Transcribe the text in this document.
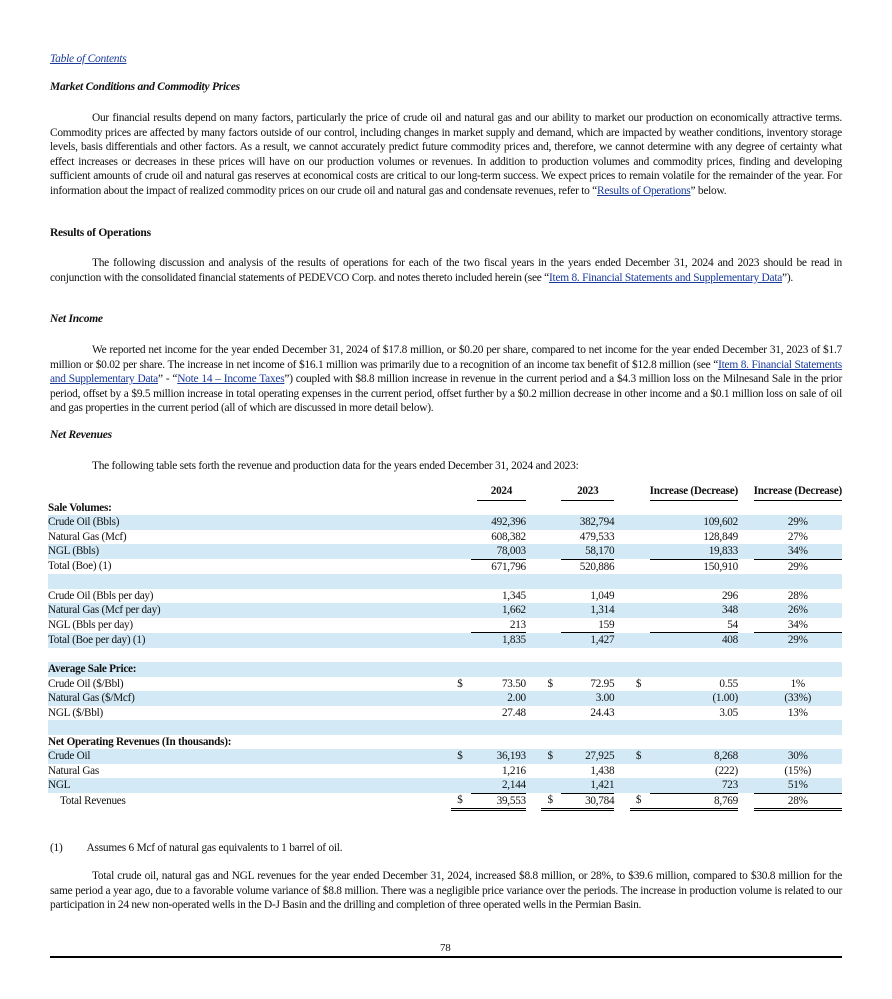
Table of Contents
Market Conditions and Commodity Prices
Our financial results depend on many factors, particularly the price of crude oil and natural gas and our ability to market our production on economically attractive terms. Commodity prices are affected by many factors outside of our control, including changes in market supply and demand, which are impacted by weather conditions, inventory storage levels, basis differentials and other factors. As a result, we cannot accurately predict future commodity prices and, therefore, we cannot determine with any degree of certainty what effect increases or decreases in these prices will have on our production volumes or revenues. In addition to production volumes and commodity prices, finding and developing sufficient amounts of crude oil and natural gas reserves at economical costs are critical to our long-term success. We expect prices to remain volatile for the remainder of the year. For information about the impact of realized commodity prices on our crude oil and natural gas and condensate revenues, refer to “Results of Operations” below.
Results of Operations
The following discussion and analysis of the results of operations for each of the two fiscal years in the years ended December 31, 2024 and 2023 should be read in conjunction with the consolidated financial statements of PEDEVCO Corp. and notes thereto included herein (see “Item 8. Financial Statements and Supplementary Data”).
Net Income
We reported net income for the year ended December 31, 2024 of $17.8 million, or $0.20 per share, compared to net income for the year ended December 31, 2023 of $1.7 million or $0.02 per share. The increase in net income of $16.1 million was primarily due to a recognition of an income tax benefit of $12.8 million (see “Item 8. Financial Statements and Supplementary Data” - “Note 14 – Income Taxes”) coupled with $8.8 million increase in revenue in the current period and a $4.3 million loss on the Milnesand Sale in the prior period, offset by a $9.5 million increase in total operating expenses in the current period, offset further by a $0.2 million decrease in other income and a $0.1 million loss on sale of oil and gas properties in the current period (all of which are discussed in more detail below).
Net Revenues
The following table sets forth the revenue and production data for the years ended December 31, 2024 and 2023:

		2024			2023			Increase (Decrease)		Increase (Decrease)

Sale Volumes:										
Crude Oil (Bbls)		492,396			382,794			109,602		29%
Natural Gas (Mcf)		608,382			479,533			128,849		27%
NGL (Bbls)		78,003			58,170			19,833		34%
Total (Boe) (1)		671,796			520,886			150,910		29%

Crude Oil (Bbls per day)		1,345			1,049			296		28%
Natural Gas (Mcf per day)		1,662			1,314			348		26%
NGL (Bbls per day)		213			159			54		34%
Total (Boe per day) (1)		1,835			1,427			408		29%

Average Sale Price:										
Crude Oil ($/Bbl)	$	73.50		$	72.95		$	0.55		1%
Natural Gas ($/Mcf)		2.00			3.00			(1.00)		(33%)
NGL ($/Bbl)		27.48			24.43			3.05		13%

Net Operating Revenues (In thousands):										
Crude Oil	$	36,193		$	27,925		$	8,268		30%
Natural Gas		1,216			1,438			(222)		(15%)
NGL		2,144			1,421			723		51%
Total Revenues	$	39,553		$	30,784		$	8,769		28%
(1) Assumes 6 Mcf of natural gas equivalents to 1 barrel of oil.
Total crude oil, natural gas and NGL revenues for the year ended December 31, 2024, increased $8.8 million, or 28%, to $39.6 million, compared to $30.8 million for the same period a year ago, due to a favorable volume variance of $8.8 million. There was a negligible price variance over the periods. The increase in production volume is related to our participation in 24 new non-operated wells in the D-J Basin and the drilling and completion of three operated wells in the Permian Basin.
78
